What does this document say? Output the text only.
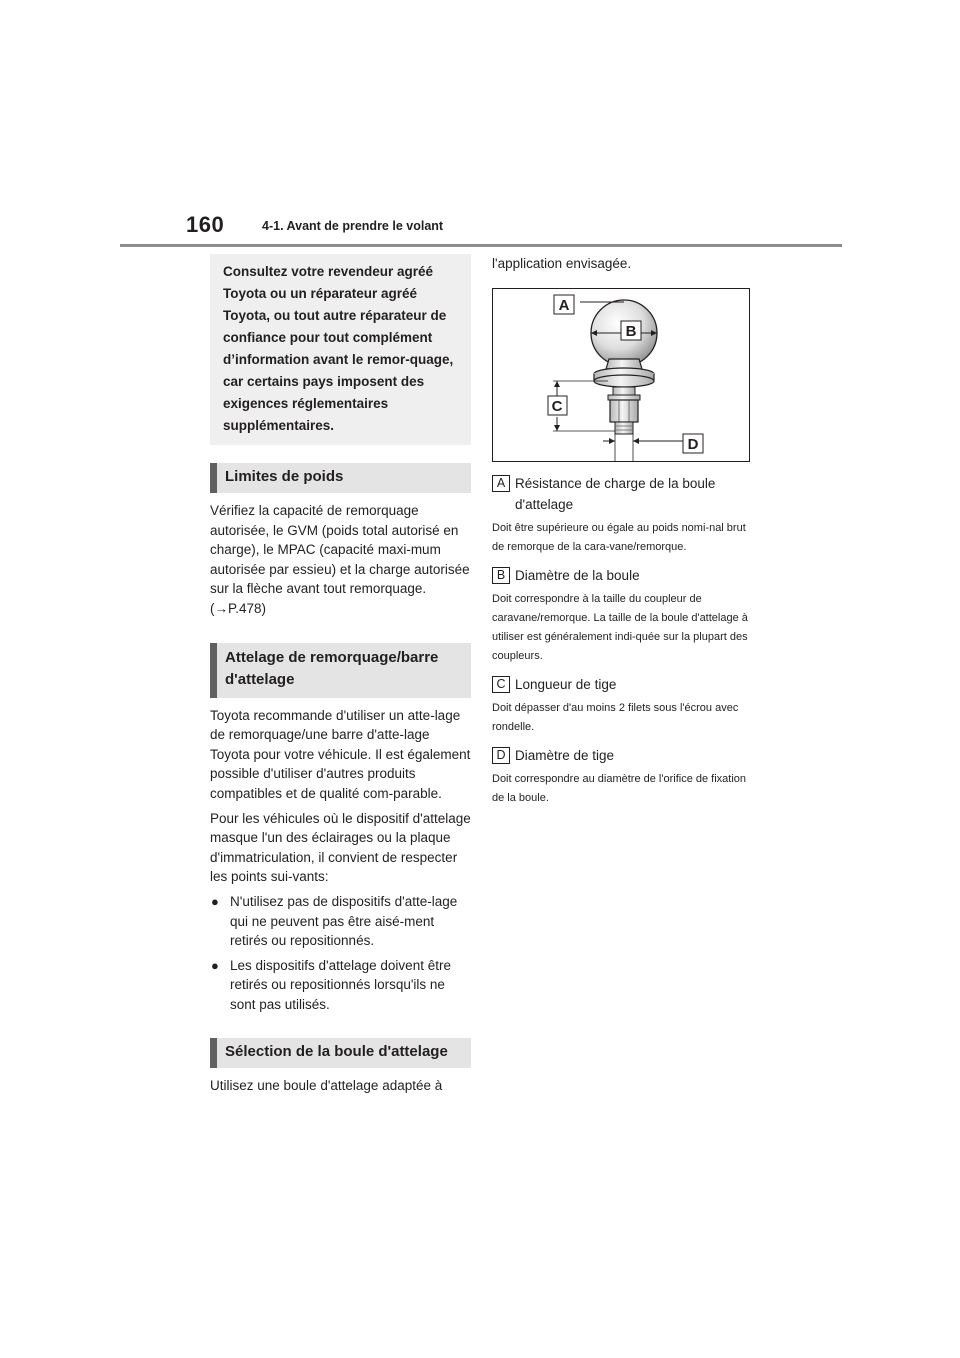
160	4-1. Avant de prendre le volant
Consultez votre revendeur agréé Toyota ou un réparateur agréé Toyota, ou tout autre réparateur de confiance pour tout complément d’information avant le remor-quage, car certains pays imposent des exigences réglementaires supplémentaires.
Limites de poids

Vérifiez la capacité de remorquage autorisée, le GVM (poids total autorisé en charge), le MPAC (capacité maxi-mum autorisée par essieu) et la charge autorisée sur la flèche avant tout remorquage. (→P.478)

Attelage de remorquage/barre
d'attelage

Toyota recommande d'utiliser un atte-lage de remorquage/une barre d'atte-lage Toyota pour votre véhicule. Il est également possible d'utiliser d'autres produits compatibles et de qualité com-parable.

Pour les véhicules où le dispositif d'attelage masque l'un des éclairages ou la plaque d'immatriculation, il convient de respecter les points sui-vants:

● N'utilisez pas de dispositifs d'atte-lage qui ne peuvent pas être aisé-ment retirés ou repositionnés.
● Les dispositifs d'attelage doivent être retirés ou repositionnés lorsqu'ils ne sont pas utilisés.
Sélection de la boule d'attelage

Utilisez une boule d'attelage adaptée à

l'application envisagée.

A
B
C
D
A Résistance de charge de la boule d'attelage

Doit être supérieure ou égale au poids nomi-nal brut de remorque de la cara-vane/remorque.

B Diamètre de la boule

Doit correspondre à la taille du coupleur de caravane/remorque. La taille de la boule d'attelage à utiliser est généralement indi-quée sur la plupart des coupleurs.

C Longueur de tige

Doit dépasser d'au moins 2 filets sous l'écrou avec rondelle.

D Diamètre de tige

Doit correspondre au diamètre de l'orifice de fixation de la boule.
